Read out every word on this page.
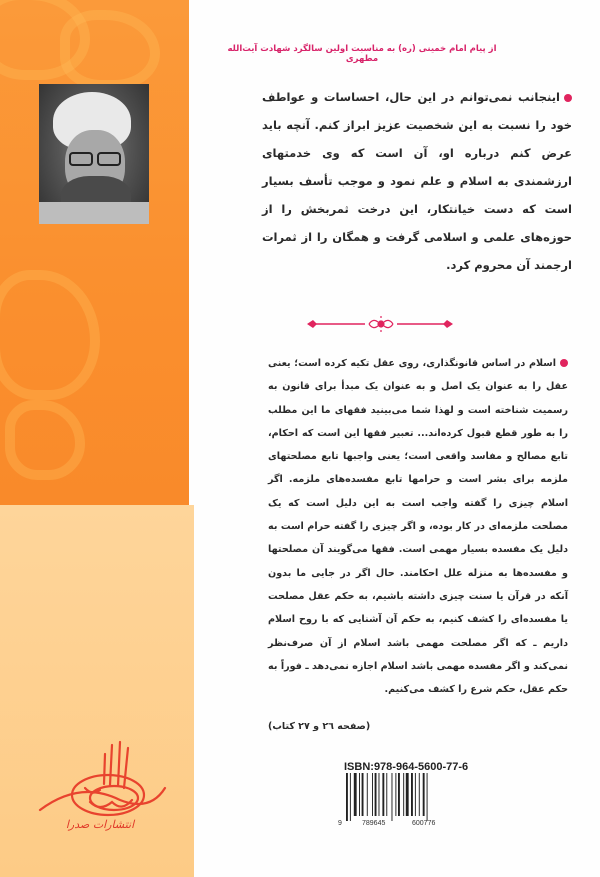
از پیام امام خمینی (ره) به مناسبت اولین سالگرد شهادت آیت‌الله مطهری
اینجانب نمی‌توانم در این حال، احساسات و عواطف خود را نسبت به این شخصیت عزیز ابراز کنم. آنچه باید عرض کنم درباره او، آن است که وی خدمتهای ارزشمندی به اسلام و علم نمود و موجب تأسف بسیار است که دست خیانتکار، این درخت ثمربخش را از حوزه‌های علمی و اسلامی گرفت و همگان را از ثمرات ارجمند آن محروم کرد.
اسلام در اساس قانونگذاری، روی عقل تکیه کرده است؛ یعنی عقل را به عنوان یک اصل و به عنوان یک مبدأ برای قانون به رسمیت شناخته است و لهذا شما می‌بینید فقهای ما این مطلب را به طور قطع قبول کرده‌اند... تعبیر فقها این است که احکام، تابع مصالح و مفاسد واقعی است؛ یعنی واجبها تابع مصلحتهای ملزمه برای بشر است و حرامها تابع مفسده‌های ملزمه. اگر اسلام چیزی را گفته واجب است به این دلیل است که یک مصلحت ملزمه‌ای در کار بوده، و اگر چیزی را گفته حرام است به دلیل یک مفسده بسیار مهمی است. فقها می‌گویند آن مصلحتها و مفسده‌ها به منزله علل احکامند. حال اگر در جایی ما بدون آنکه در قرآن یا سنت چیزی داشته باشیم، به حکم عقل مصلحت یا مفسده‌ای را کشف کنیم، به حکم آن آشنایی که با روح اسلام داریم ـ که اگر مصلحت مهمی باشد اسلام از آن صرف‌نظر نمی‌کند و اگر مفسده مهمی باشد اسلام اجازه نمی‌دهد ـ فوراً به حکم عقل، حکم شرع را کشف می‌کنیم.
(صفحه ۲٦ و ۲۷ کتاب)
ISBN:978-964-5600-77-6
9	789645	600776
انتشارات صدرا
